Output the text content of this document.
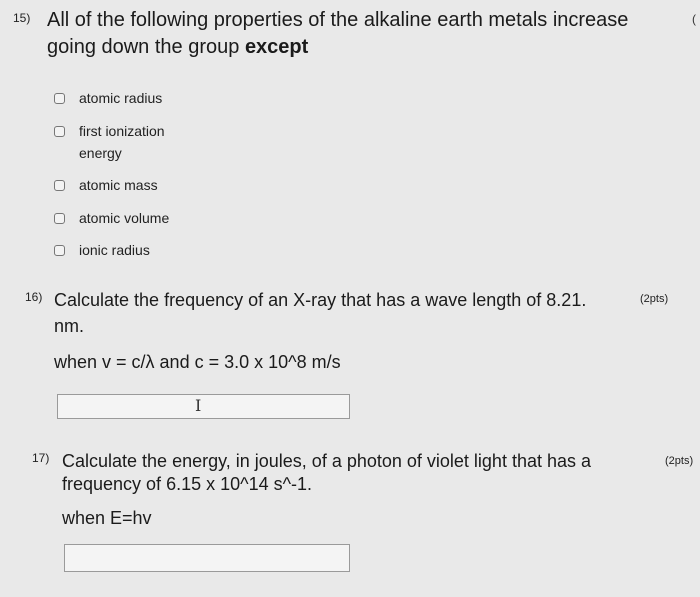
15) All of the following properties of the alkaline earth metals increase
going down the group except
(
atomic radius
first ionization
energy
atomic mass
atomic volume
ionic radius
16) Calculate the frequency of an X-ray that has a wave length of 8.21.
nm.
when v = c/λ and c = 3.0 x 10^8 m/s
(2pts)
Ι
17) Calculate the energy, in joules, of a photon of violet light that has a
frequency of 6.15 x 10^14 s^-1.
when E=hv
(2pts)
